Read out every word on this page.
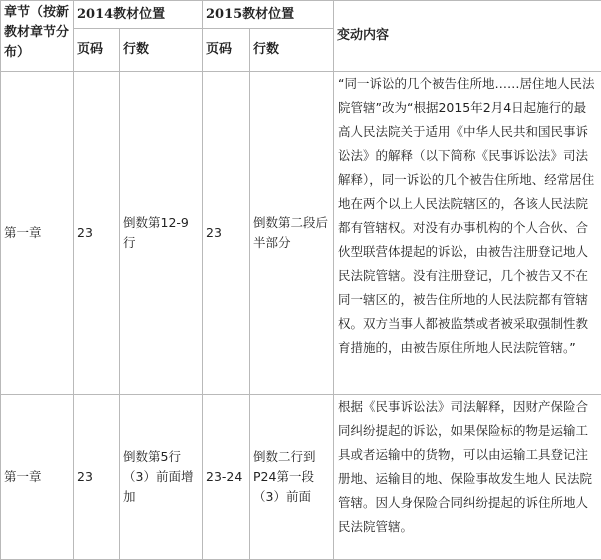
章节（按新教材章节分布）	2014教材位置		2015教材位置		变动内容
	页码	行数	页码	行数	
第一章	23	倒数第12-9行	23	倒数第二段后半部分	“同一诉讼的几个被告住所地……居住地人民法院管辖”改为“根据2015年2月4日起施行的最高人民法院关于适用《中华人民共和国民事诉讼法》的解释（以下简称《民事诉讼法》司法解释），同一诉讼的几个被告住所地、经常居住地在两个以上人民法院辖区的，各该人民法院都有管辖权。对没有办事机构的个人合伙、合伙型联营体提起的诉讼，由被告注册登记地人民法院管辖。没有注册登记，几个被告又不在同一辖区的，被告住所地的人民法院都有管辖权。双方当事人都被监禁或者被采取强制性教育措施的，由被告原住所地人民法院管辖。”
第一章	23	倒数第5行（3）前面增加	23-24	倒数二行到P24第一段（3）前面	根据《民事诉讼法》司法解释，因财产保险合同纠纷提起的诉讼，如果保险标的物是运输工具或者运输中的货物，可以由运输工具登记注册地、运输目的地、保险事故发生地人 民法院管辖。因人身保险合同纠纷提起的诉住所地人民法院管辖。
